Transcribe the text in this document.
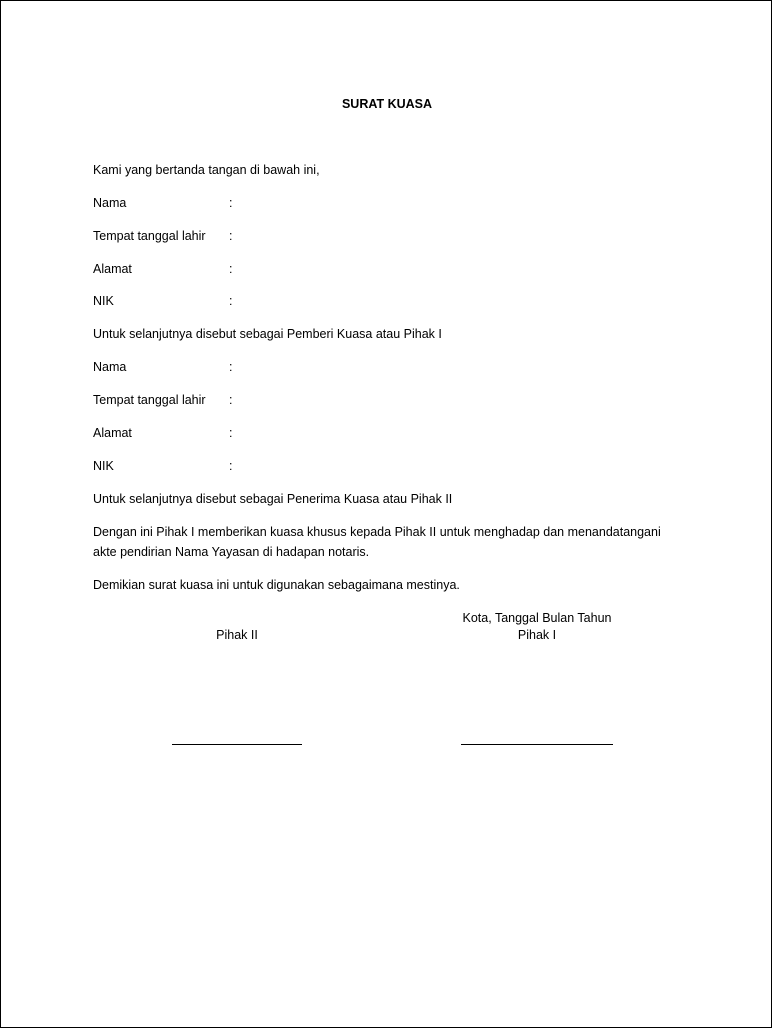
SURAT KUASA
Kami yang bertanda tangan di bawah ini,
Nama	:
Tempat tanggal lahir :
Alamat	:
NIK	:
Untuk selanjutnya disebut sebagai Pemberi Kuasa atau Pihak I
Nama	:
Tempat tanggal lahir :
Alamat	:
NIK	:
Untuk selanjutnya disebut sebagai Penerima Kuasa atau Pihak II
Dengan ini Pihak I memberikan kuasa khusus kepada Pihak II untuk menghadap dan menandatangani
akte pendirian Nama Yayasan di hadapan notaris.
Demikian surat kuasa ini untuk digunakan sebagaimana mestinya.
Kota, Tanggal Bulan Tahun
Pihak II	Pihak I
